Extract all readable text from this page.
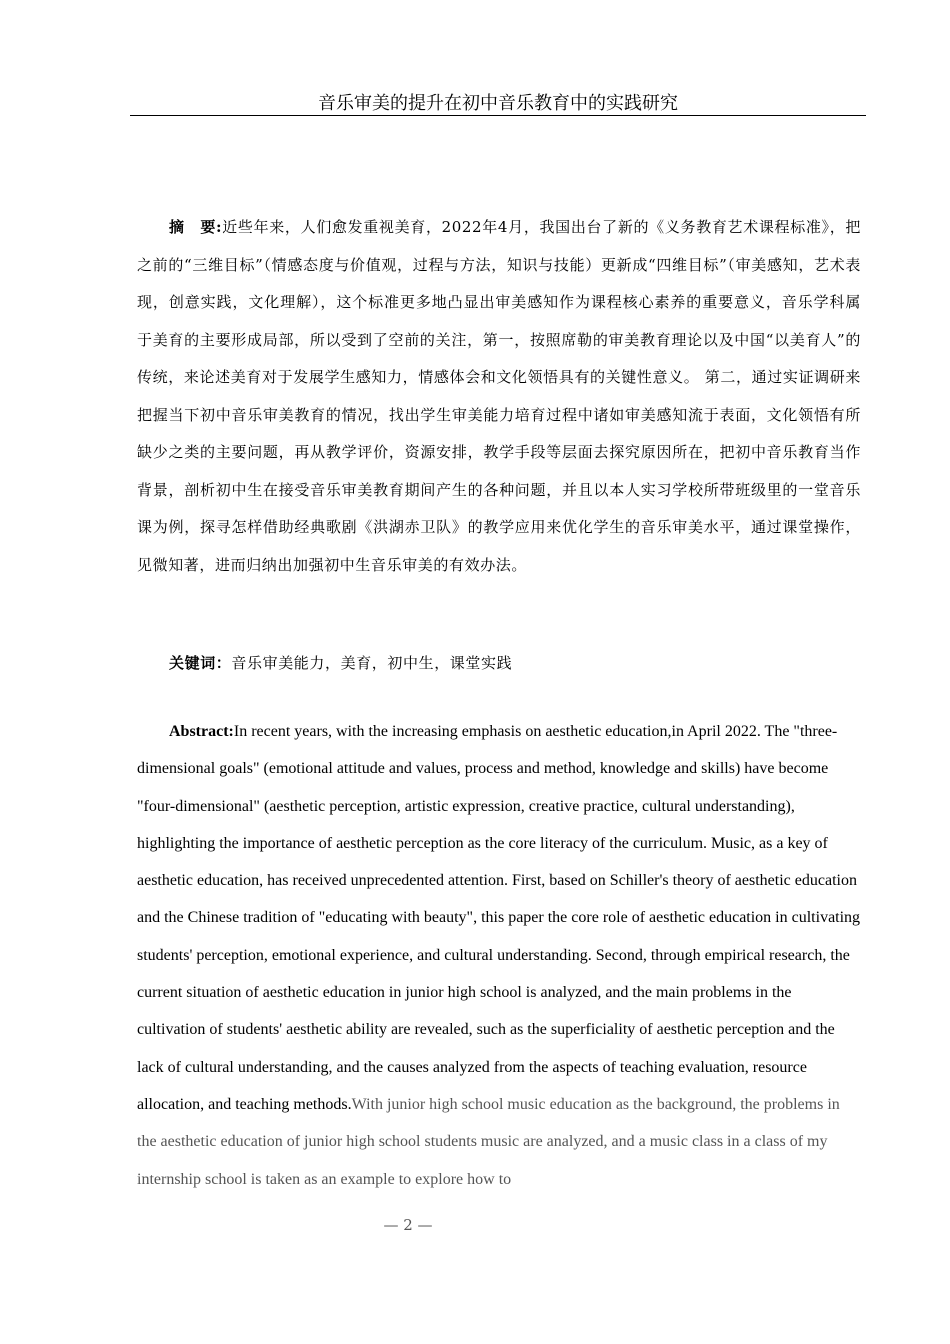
音乐审美的提升在初中音乐教育中的实践研究

摘　要:近些年来，人们愈发重视美育，2022年4月，我国出台了新的《义务教育艺术课程标准》，把之前的“三维目标”（情感态度与价值观，过程与方法，知识与技能）更新成“四维目标”（审美感知，艺术表现，创意实践，文化理解），这个标准更多地凸显出审美感知作为课程核心素养的重要意义，音乐学科属于美育的主要形成局部，所以受到了空前的关注，第一，按照席勒的审美教育理论以及中国“以美育人”的传统，来论述美育对于发展学生感知力，情感体会和文化领悟具有的关键性意义。 第二，通过实证调研来把握当下初中音乐审美教育的情况，找出学生审美能力培育过程中诸如审美感知流于表面，文化领悟有所缺少之类的主要问题，再从教学评价，资源安排，教学手段等层面去探究原因所在，把初中音乐教育当作背景，剖析初中生在接受音乐审美教育期间产生的各种问题，并且以本人实习学校所带班级里的一堂音乐课为例，探寻怎样借助经典歌剧《洪湖赤卫队》的教学应用来优化学生的音乐审美水平，通过课堂操作，见微知著，进而归纳出加强初中生音乐审美的有效办法。

关键词：音乐审美能力，美育，初中生，课堂实践

Abstract:In recent years, with the increasing emphasis on aesthetic education,in April 2022. The "three-dimensional goals" (emotional attitude and values, process and method, knowledge and skills) have become "four-dimensional" (aesthetic perception, artistic expression, creative practice, cultural understanding), highlighting the importance of aesthetic perception as the core literacy of the curriculum. Music, as a key of aesthetic education, has received unprecedented attention. First, based on Schiller's theory of aesthetic education and the Chinese tradition of "educating with beauty", this paper the core role of aesthetic education in cultivating students' perception, emotional experience, and cultural understanding. Second, through empirical research, the current situation of aesthetic education in junior high school is analyzed, and the main problems in the cultivation of students' aesthetic ability are revealed, such as the superficiality of aesthetic perception and the lack of cultural understanding, and the causes analyzed from the aspects of teaching evaluation, resource allocation, and teaching methods.With junior high school music education as the background, the problems in the aesthetic education of junior high school students music are analyzed, and a music class in a class of my internship school is taken as an example to explore how to

— 2 —
